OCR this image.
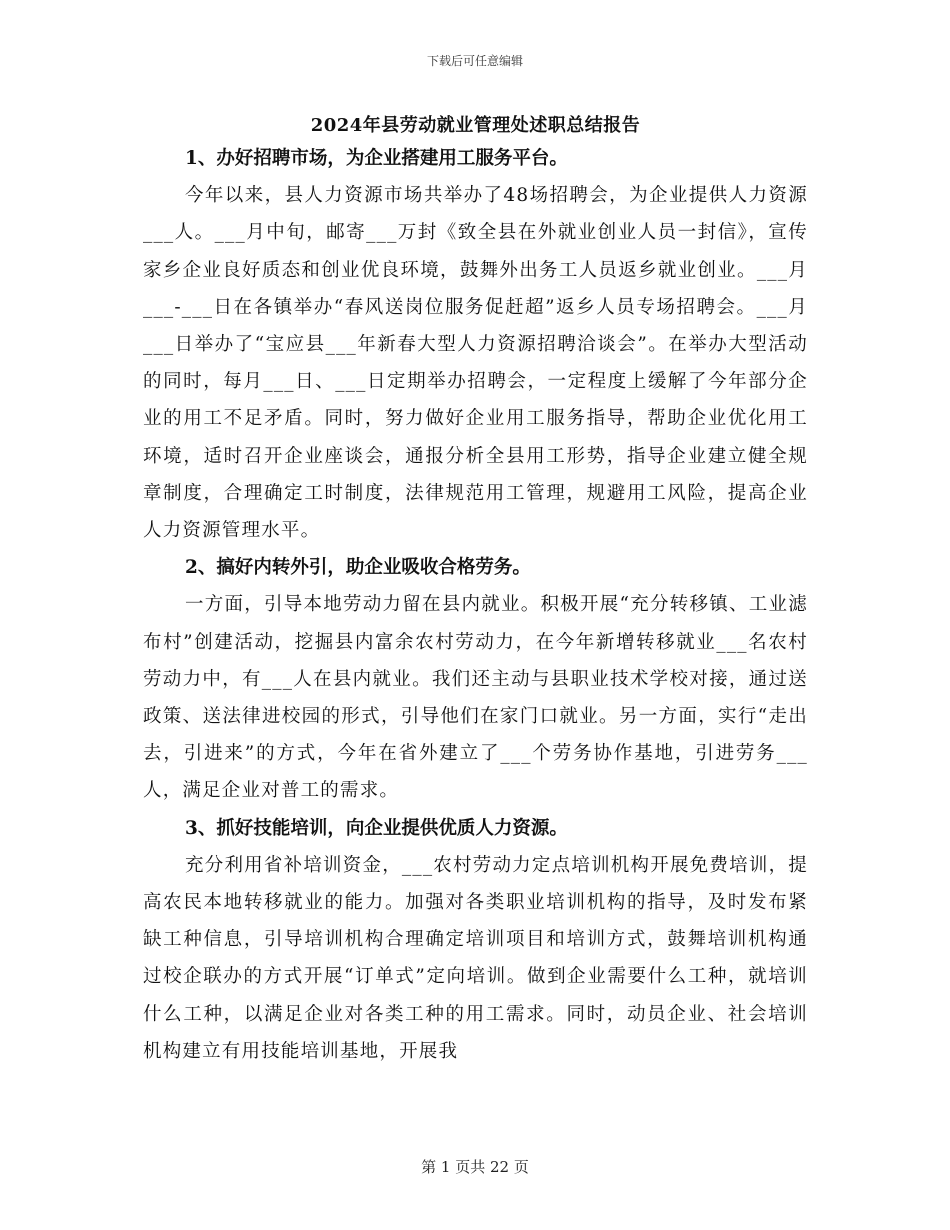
下载后可任意编辑
2024年县劳动就业管理处述职总结报告

1、办好招聘市场，为企业搭建用工服务平台。

今年以来，县人力资源市场共举办了48场招聘会，为企业提供人力资源___人。___月中旬，邮寄___万封《致全县在外就业创业人员一封信》，宣传家乡企业良好质态和创业优良环境，鼓舞外出务工人员返乡就业创业。___月___-___日在各镇举办“春风送岗位服务促赶超”返乡人员专场招聘会。___月___日举办了“宝应县___年新春大型人力资源招聘洽谈会”。在举办大型活动的同时，每月___日、___日定期举办招聘会，一定程度上缓解了今年部分企业的用工不足矛盾。同时，努力做好企业用工服务指导，帮助企业优化用工环境，适时召开企业座谈会，通报分析全县用工形势，指导企业建立健全规章制度，合理确定工时制度，法律规范用工管理，规避用工风险，提高企业人力资源管理水平。

2、搞好内转外引，助企业吸收合格劳务。

一方面，引导本地劳动力留在县内就业。积极开展“充分转移镇、工业滤布村”创建活动，挖掘县内富余农村劳动力，在今年新增转移就业___名农村劳动力中，有___人在县内就业。我们还主动与县职业技术学校对接，通过送政策、送法律进校园的形式，引导他们在家门口就业。另一方面，实行“走出去，引进来”的方式，今年在省外建立了___个劳务协作基地，引进劳务___人，满足企业对普工的需求。

3、抓好技能培训，向企业提供优质人力资源。

充分利用省补培训资金，___农村劳动力定点培训机构开展免费培训，提高农民本地转移就业的能力。加强对各类职业培训机构的指导，及时发布紧缺工种信息，引导培训机构合理确定培训项目和培训方式，鼓舞培训机构通过校企联办的方式开展“订单式”定向培训。做到企业需要什么工种，就培训什么工种，以满足企业对各类工种的用工需求。同时，动员企业、社会培训机构建立有用技能培训基地，开展我

第 1 页共 22 页
